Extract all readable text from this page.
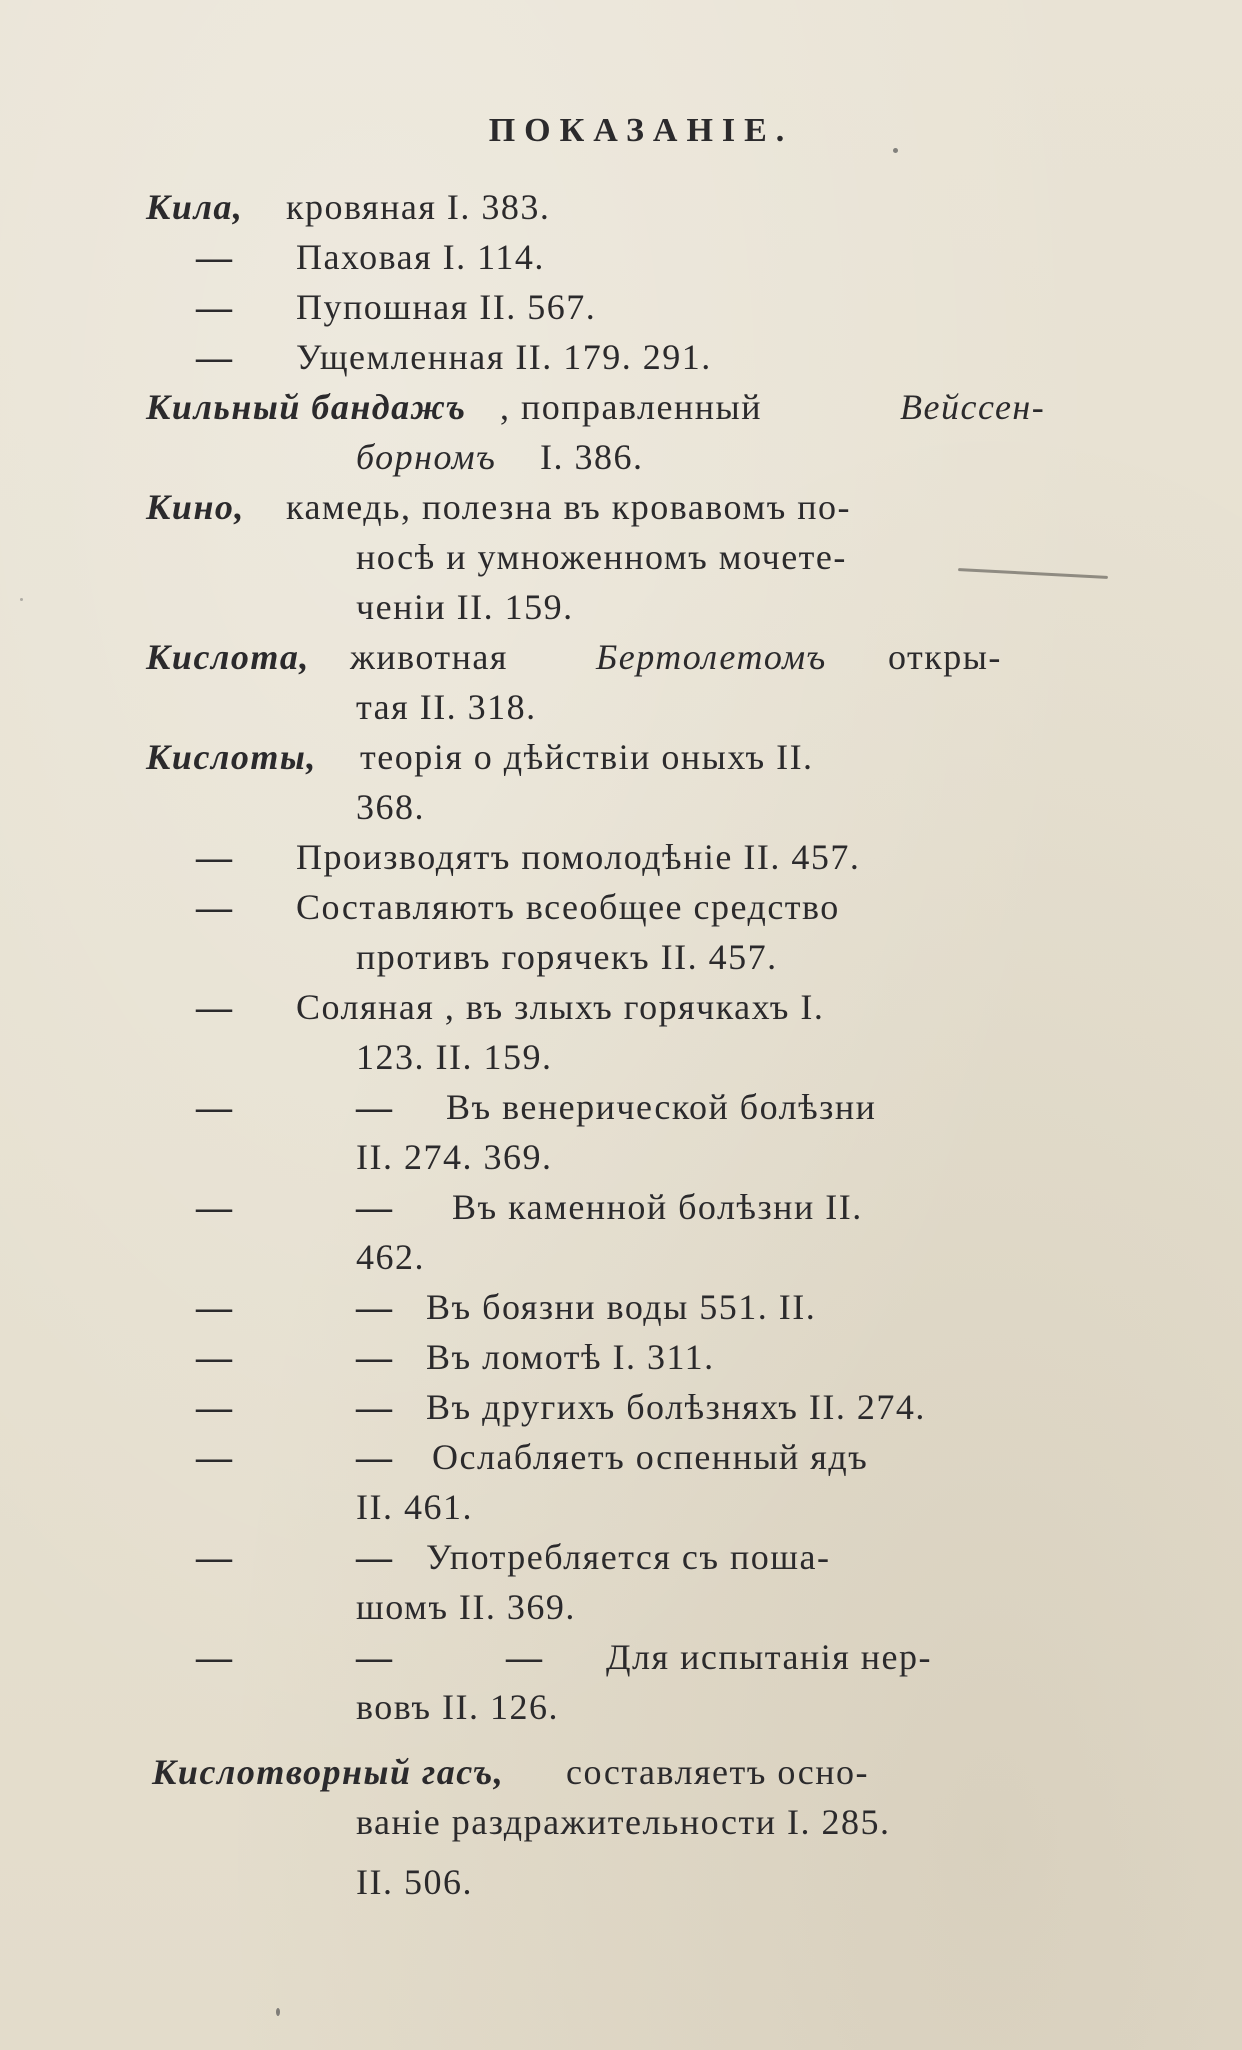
ПОКАЗАНІЕ.
Кила, кровяная I. 383.
— Паховая I. 114.
— Пупошная II. 567.
— Ущемленная II. 179. 291.
Кильный бандажъ , поправленный	Вейссен-
борномъ I. 386.
Кино, камедь, полезна въ кровавомъ по-
носѣ и умноженномъ мочете-
ченіи II. 159.
Кислота, животная Бертолетомъ откры-
тая II. 318.
Кислоты, теорія о дѣйствіи оныхъ II.
368.
— Производятъ помолодѣніе II. 457.
— Составляютъ всеобщее средство
противъ горячекъ II. 457.
— Соляная , въ злыхъ горячкахъ I.
123. II. 159.
—	— Въ венерической болѣзни
II. 274. 369.
—	— Въ каменной болѣзни II.
462.
—	— Въ боязни воды 551. II.
—	— Въ ломотѣ I. 311.
—	— Въ другихъ болѣзняхъ II. 274.
—	— Ослабляетъ оспенный ядъ
II. 461.
—	— Употребляется съ поша-
шомъ II. 369.
—	—	— Для испытанія нер-
вовъ II. 126.
Кислотворный гасъ, составляетъ осно-
ваніе раздражительности I. 285.
II. 506.
